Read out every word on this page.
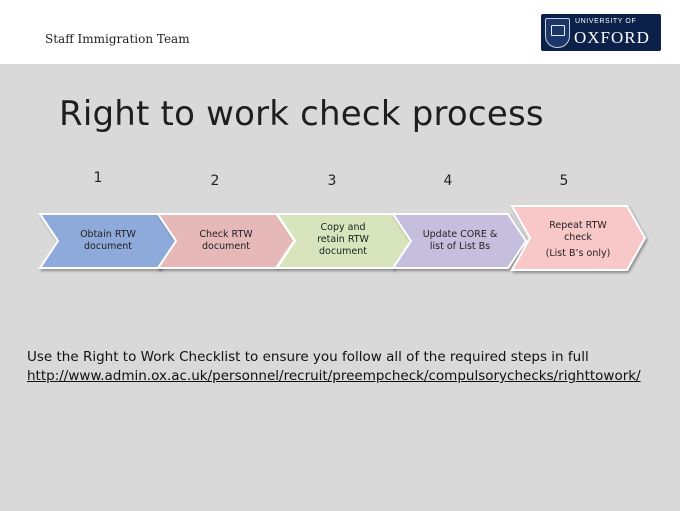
Staff Immigration Team
UNIVERSITY OF
OXFORD
Right to work check process
1	2	3	4	5
Obtain RTW document
Check RTW document
Copy and retain RTW document
Update CORE & list of List Bs
Repeat RTW check
(List B’s only)
Use the Right to Work Checklist to ensure you follow all of the required steps in full
http://www.admin.ox.ac.uk/personnel/recruit/preempcheck/compulsorychecks/righttowork/
